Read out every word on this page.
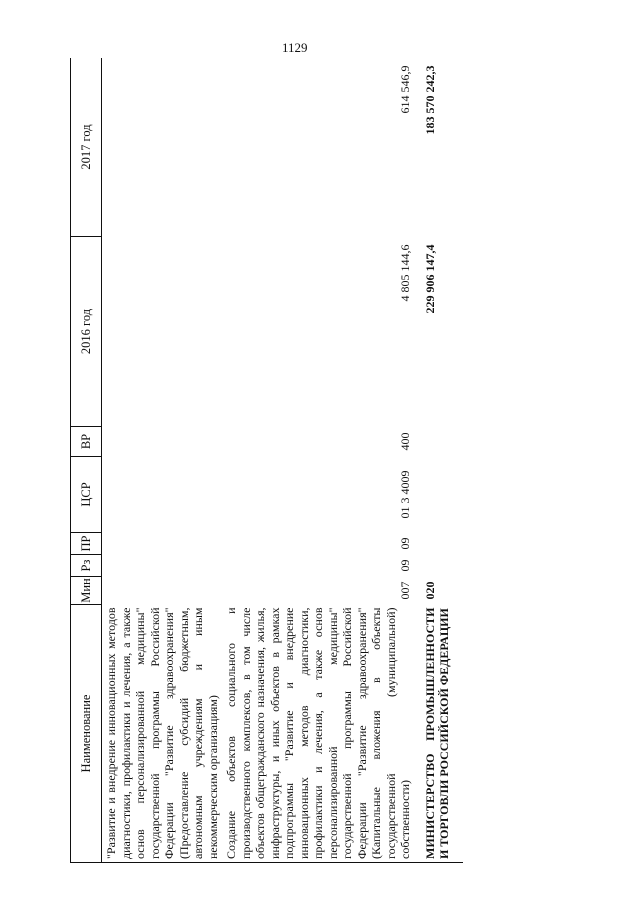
1129
Наименование	Мин	Рз	ПР	ЦСР	ВР	2016 год	2017 год
"Развитие и внедрение инновационных методов диагностики, профилактики и лечения, а также основ персонализированной медицины" государственной программы Российской Федерации "Развитие здравоохранения" (Предоставление субсидий бюджетным, автономным учреждениям и иным некоммерческим организациям)							
Создание объектов социального и производственного комплексов, в том числе объектов общегражданского назначения, жилья, инфраструктуры, и иных объектов в рамках подпрограммы "Развитие и внедрение инновационных методов диагностики, профилактики и лечения, а также основ персонализированной медицины" государственной программы Российской Федерации "Развитие здравоохранения" (Капитальные вложения в объекты государственной (муниципальной) собственности)	007	09	09	01 3 4009	400	4 805 144,6	614 546,9
МИНИСТЕРСТВО ПРОМЫШЛЕННОСТИ И ТОРГОВЛИ РОССИЙСКОЙ ФЕДЕРАЦИИ	020					229 906 147,4	183 570 242,3
